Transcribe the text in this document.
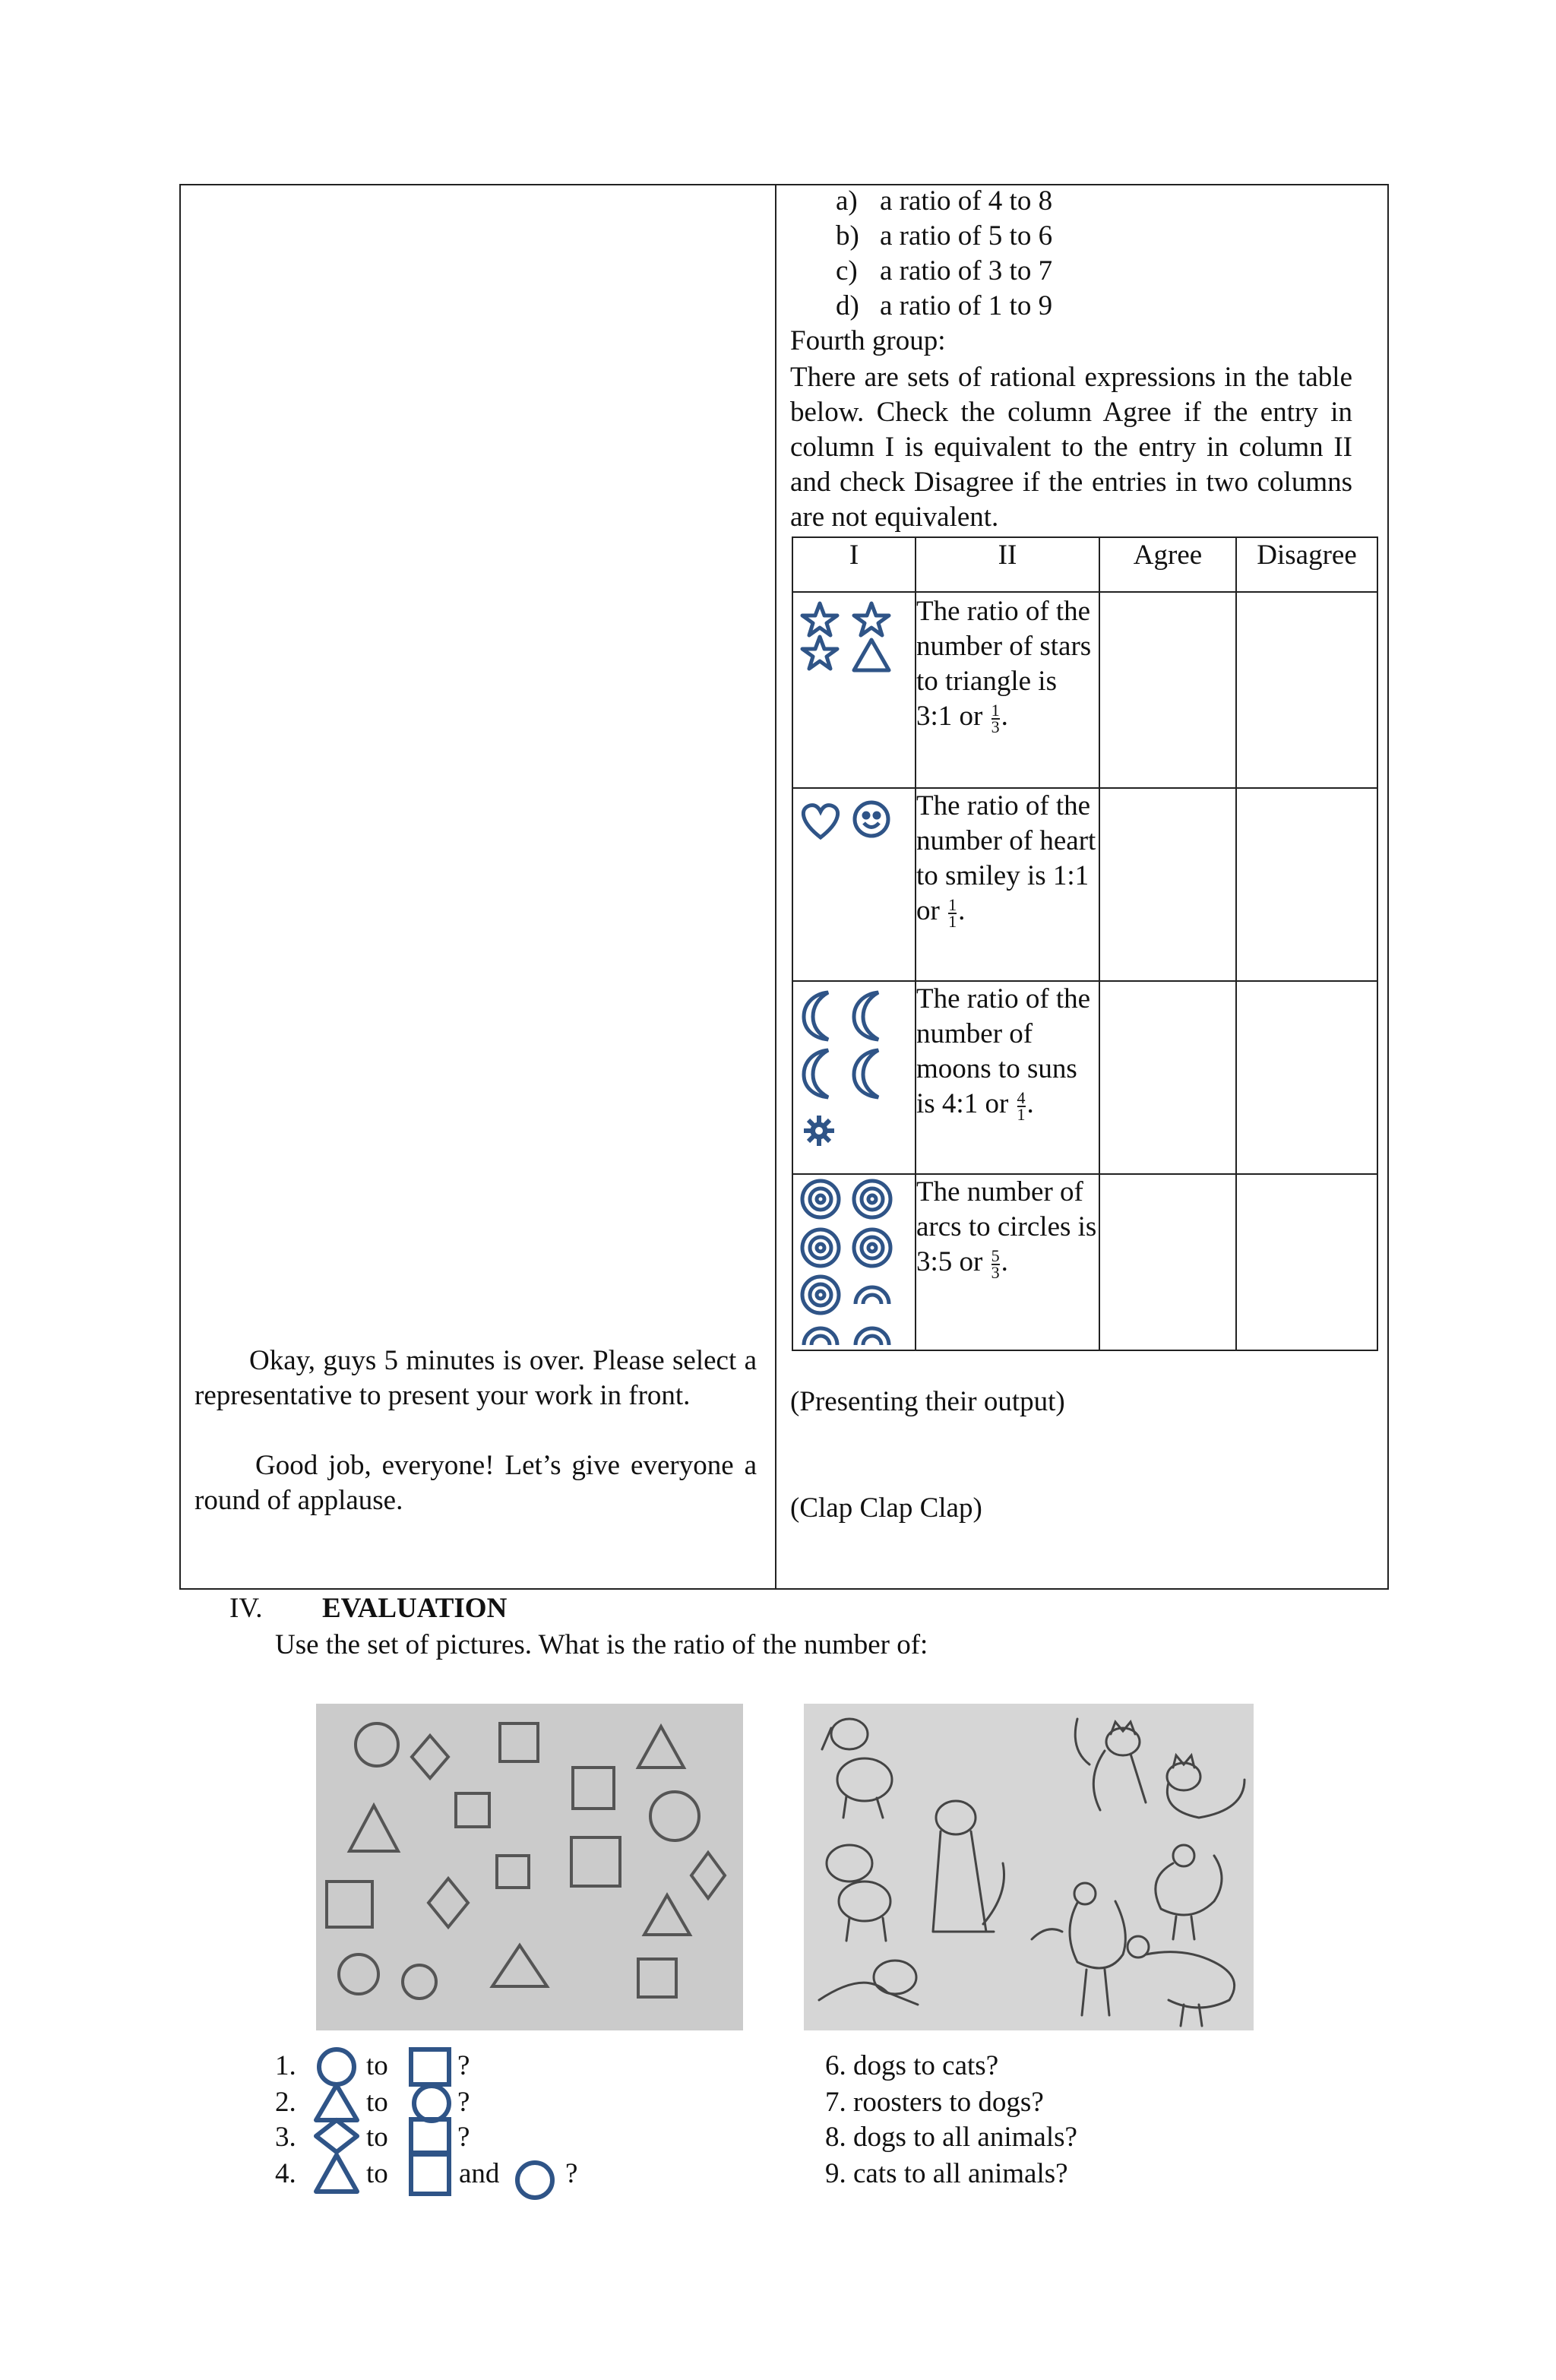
a) a ratio of 4 to 8
b) a ratio of 5 to 6
c) a ratio of 3 to 7
d) a ratio of 1 to 9
Fourth group:
There are sets of rational expressions in the table below. Check the column Agree if the entry in column I is equivalent to the entry in column II and check Disagree if the entries in two columns are not equivalent.
I	II	Agree	Disagree

	The ratio of the number of stars to triangle is 3:1 or $\frac{1}{3}$ .		

	The ratio of the number of heart to smiley is 1:1 or $\frac{1}{1}$ .		

	The ratio of the number of moons to suns is 4:1 or $\frac{4}{1}$ .		

	The number of arcs to circles is 3:5 or $\frac{5}{3}$ .		
Okay, guys 5 minutes is over. Please select a representative to present your work in front.
Good job, everyone! Let’s give everyone a round of applause.
(Presenting their output)
(Clap Clap Clap)
IV. EVALUATION
Use the set of pictures. What is the ratio of the number of:
1. to ?
2. to ?
3. to ?
4. to	and ?
6. dogs to cats?
7. roosters to dogs?
8. dogs to all animals?
9. cats to all animals?
